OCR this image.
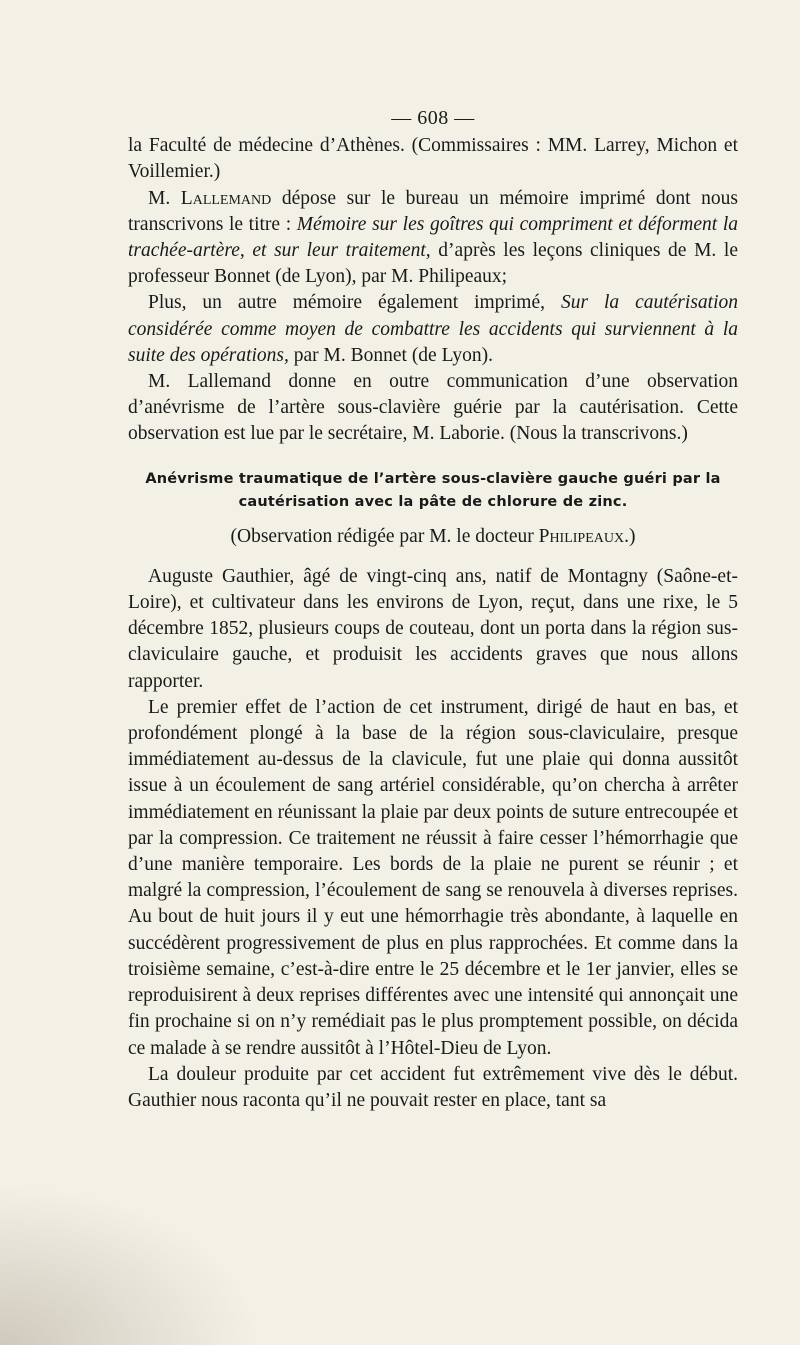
— 608 —

la Faculté de médecine d’Athènes. (Commissaires : MM. Larrey, Michon et Voillemier.)

M. Lallemand dépose sur le bureau un mémoire imprimé dont nous transcrivons le titre : Mémoire sur les goîtres qui compriment et déforment la trachée-artère, et sur leur traitement, d’après les leçons cliniques de M. le professeur Bonnet (de Lyon), par M. Philipeaux;

Plus, un autre mémoire également imprimé, Sur la cautérisation considérée comme moyen de combattre les accidents qui surviennent à la suite des opérations, par M. Bonnet (de Lyon).

M. Lallemand donne en outre communication d’une observation d’anévrisme de l’artère sous-clavière guérie par la cautérisation. Cette observation est lue par le secrétaire, M. Laborie. (Nous la transcrivons.)

Anévrisme traumatique de l’artère sous-clavière gauche guéri par la cautérisation avec la pâte de chlorure de zinc.
(Observation rédigée par M. le docteur Philipeaux.)

Auguste Gauthier, âgé de vingt-cinq ans, natif de Montagny (Saône-et-Loire), et cultivateur dans les environs de Lyon, reçut, dans une rixe, le 5 décembre 1852, plusieurs coups de couteau, dont un porta dans la région sus-claviculaire gauche, et produisit les accidents graves que nous allons rapporter.

Le premier effet de l’action de cet instrument, dirigé de haut en bas, et profondément plongé à la base de la région sous-claviculaire, presque immédiatement au-dessus de la clavicule, fut une plaie qui donna aussitôt issue à un écoulement de sang artériel considérable, qu’on chercha à arrêter immédiatement en réunissant la plaie par deux points de suture entrecoupée et par la compression. Ce traitement ne réussit à faire cesser l’hémorrhagie que d’une manière temporaire. Les bords de la plaie ne purent se réunir ; et malgré la compression, l’écoulement de sang se renouvela à diverses reprises. Au bout de huit jours il y eut une hémorrhagie très abondante, à laquelle en succédèrent progressivement de plus en plus rapprochées. Et comme dans la troisième semaine, c’est-à-dire entre le 25 décembre et le 1er janvier, elles se reproduisirent à deux reprises différentes avec une intensité qui annonçait une fin prochaine si on n’y remédiait pas le plus promptement possible, on décida ce malade à se rendre aussitôt à l’Hôtel-Dieu de Lyon.

La douleur produite par cet accident fut extrêmement vive dès le début. Gauthier nous raconta qu’il ne pouvait rester en place, tant sa
